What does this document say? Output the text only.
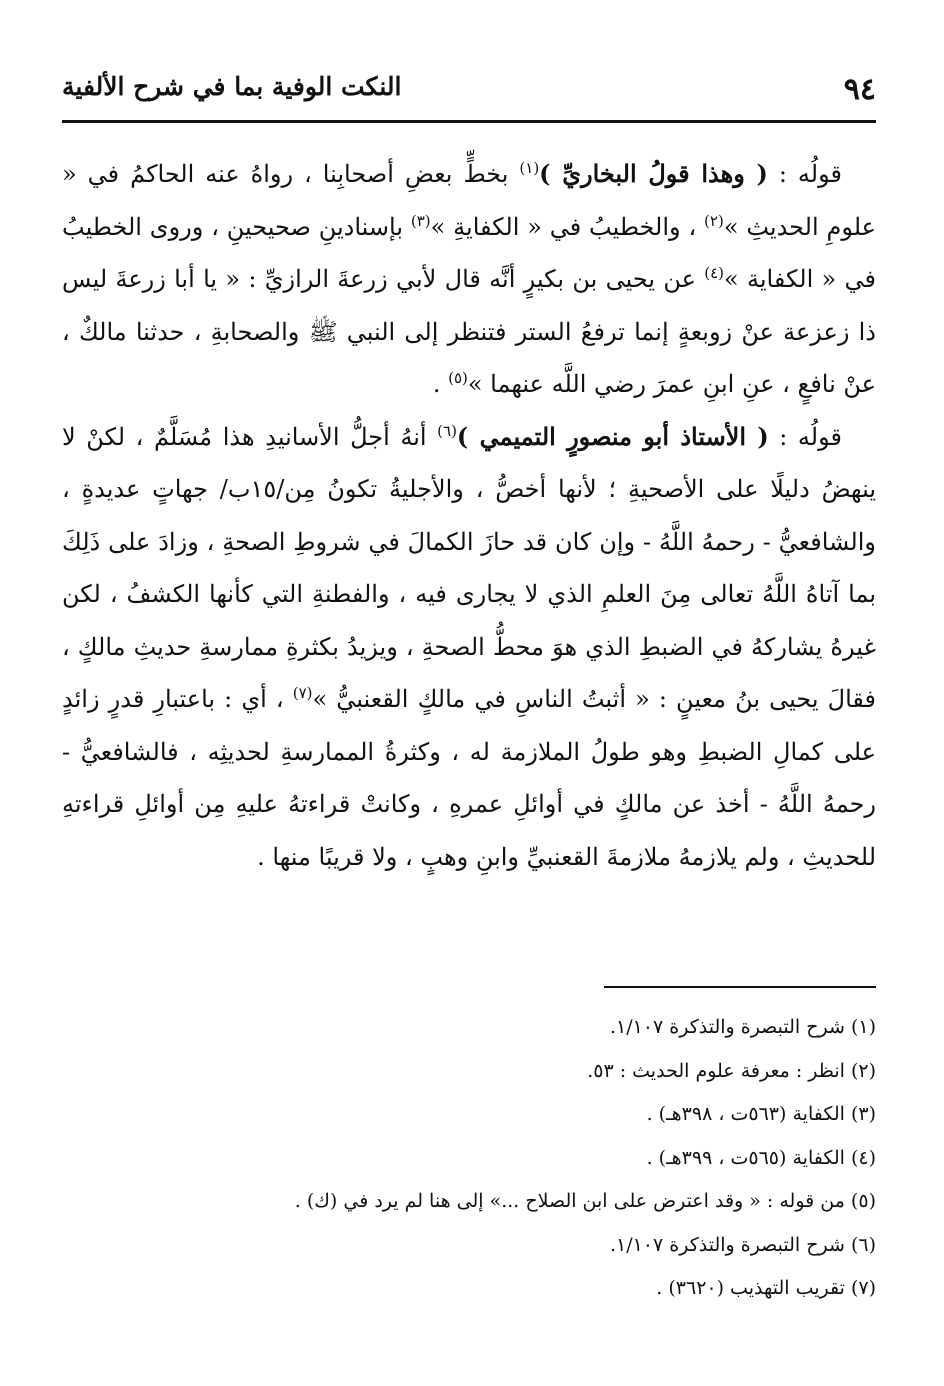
٩٤
النكت الوفية بما في شرح الألفية

قولُه : ( وهذا قولُ البخاريِّ )$^{(١)}$ بخطٍّ بعضِ أصحابِنا ، رواهُ عنه الحاكمُ في « علومِ الحديثِ »$^{(٢)}$ ، والخطيبُ في « الكفايةِ »$^{(٣)}$ بإسنادينِ صحيحينِ ، وروى الخطيبُ في « الكفاية »$^{(٤)}$ عن يحيى بن بكيرٍ أنَّه قال لأبي زرعةَ الرازيِّ : « يا أبا زرعةَ ليس ذا زعزعة عنْ زوبعةٍ إنما ترفعُ الستر فتنظر إلى النبي ﷺ والصحابةِ ، حدثنا مالكٌ ، عنْ نافعٍ ، عنِ ابنِ عمرَ رضي اللَّه عنهما »$^{(٥)}$ .

قولُه : ( الأستاذ أبو منصورٍ التميمي )$^{(٦)}$ أنهُ أجلُّ الأسانيدِ هذا مُسَلَّمٌ ، لكنْ لا ينهضُ دليلًا على الأصحيةِ ؛ لأنها أخصُّ ، والأجليةُ تكونُ مِن/١٥ب/ جهاتٍ عديدةٍ ، والشافعيُّ - رحمهُ اللَّهُ - وإن كان قد حازَ الكمالَ في شروطِ الصحةِ ، وزادَ على ذَلِكَ بما آتاهُ اللَّهُ تعالى مِنَ العلمِ الذي لا يجارى فيه ، والفطنةِ التي كأنها الكشفُ ، لكن غيرهُ يشاركهُ في الضبطِ الذي هوَ محطُّ الصحةِ ، ويزيدُ بكثرةِ ممارسةِ حديثِ مالكٍ ، فقالَ يحيى بنُ معينٍ : « أثبتُ الناسِ في مالكٍ القعنبيُّ »$^{(٧)}$ ، أي : باعتبارِ قدرٍ زائدٍ على كمالِ الضبطِ وهو طولُ الملازمة له ، وكثرةُ الممارسةِ لحديثِه ، فالشافعيُّ - رحمهُ اللَّهُ - أخذ عن مالكٍ في أوائلِ عمرهِ ، وكانتْ قراءتهُ عليهِ مِن أوائلِ قراءتهِ للحديثِ ، ولم يلازمهُ ملازمةَ القعنبيِّ وابنِ وهبٍ ، ولا قريبًا منها .

(١) شرح التبصرة والتذكرة ١/١٠٧.
(٢) انظر : معرفة علوم الحديث : ٥٣.
(٣) الكفاية (٥٦٣ت ، ٣٩٨هـ) .
(٤) الكفاية (٥٦٥ت ، ٣٩٩هـ) .
(٥) من قوله : « وقد اعترض على ابن الصلاح ...» إلى هنا لم يرد في (ك) .
(٦) شرح التبصرة والتذكرة ١/١٠٧.
(٧) تقريب التهذيب (٣٦٢٠) .
